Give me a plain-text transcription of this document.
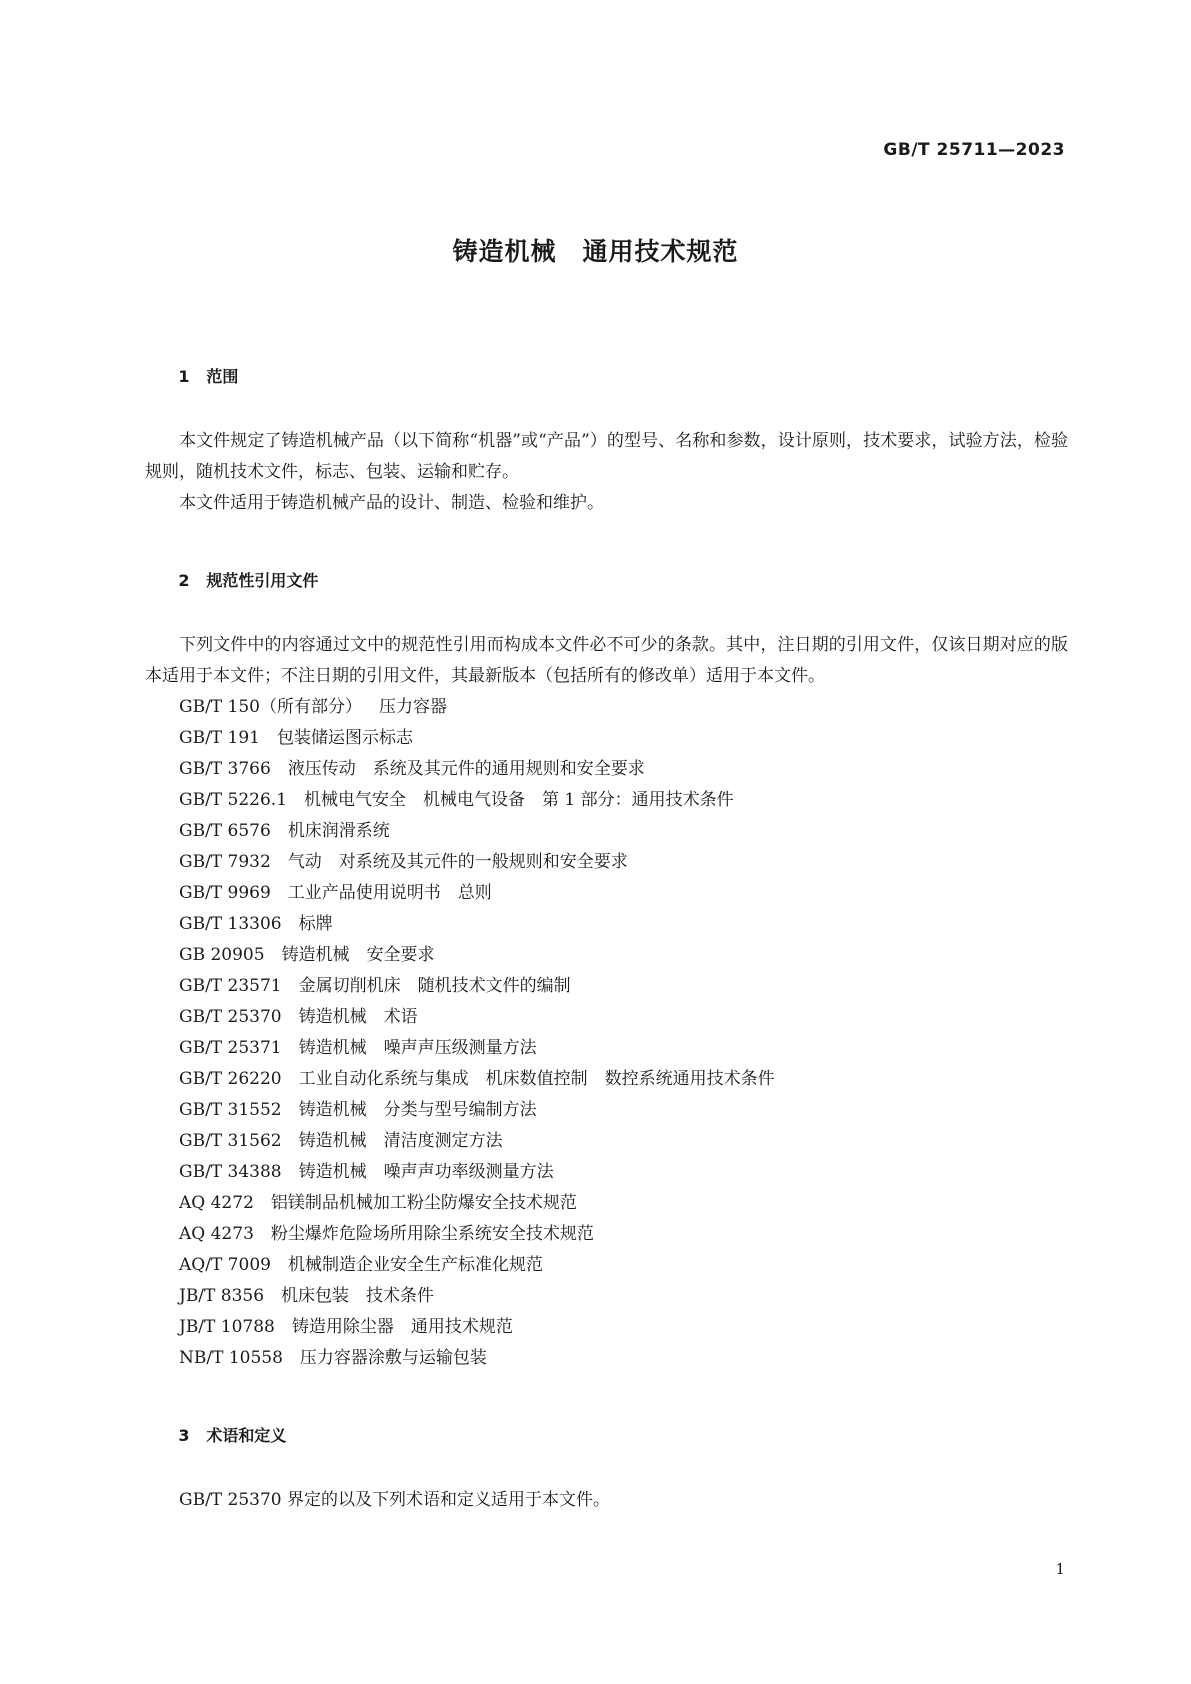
GB/T 25711—2023
铸造机械　通用技术规范

1 范围

本文件规定了铸造机械产品（以下简称“机器”或“产品”）的型号、名称和参数，设计原则，技术要求，试验方法，检验规则，随机技术文件，标志、包装、运输和贮存。

本文件适用于铸造机械产品的设计、制造、检验和维护。

2 规范性引用文件

下列文件中的内容通过文中的规范性引用而构成本文件必不可少的条款。其中，注日期的引用文件，仅该日期对应的版本适用于本文件；不注日期的引用文件，其最新版本（包括所有的修改单）适用于本文件。

GB/T 150（所有部分）　 压力容器
GB/T 191　 包装储运图示标志
GB/T 3766　 液压传动　系统及其元件的通用规则和安全要求
GB/T 5226.1　 机械电气安全　机械电气设备　第 1 部分：通用技术条件
GB/T 6576　 机床润滑系统
GB/T 7932　 气动　对系统及其元件的一般规则和安全要求
GB/T 9969　 工业产品使用说明书　总则
GB/T 13306　 标牌
GB 20905　 铸造机械　安全要求
GB/T 23571　 金属切削机床　随机技术文件的编制
GB/T 25370　 铸造机械　术语
GB/T 25371　 铸造机械　噪声声压级测量方法
GB/T 26220　 工业自动化系统与集成　机床数值控制　数控系统通用技术条件
GB/T 31552　 铸造机械　分类与型号编制方法
GB/T 31562　 铸造机械　清洁度测定方法
GB/T 34388　 铸造机械　噪声声功率级测量方法
AQ 4272　 铝镁制品机械加工粉尘防爆安全技术规范
AQ 4273　 粉尘爆炸危险场所用除尘系统安全技术规范
AQ/T 7009　 机械制造企业安全生产标准化规范
JB/T 8356　 机床包装　技术条件
JB/T 10788　 铸造用除尘器　通用技术规范
NB/T 10558　 压力容器涂敷与运输包装

3 术语和定义

GB/T 25370 界定的以及下列术语和定义适用于本文件。

1
